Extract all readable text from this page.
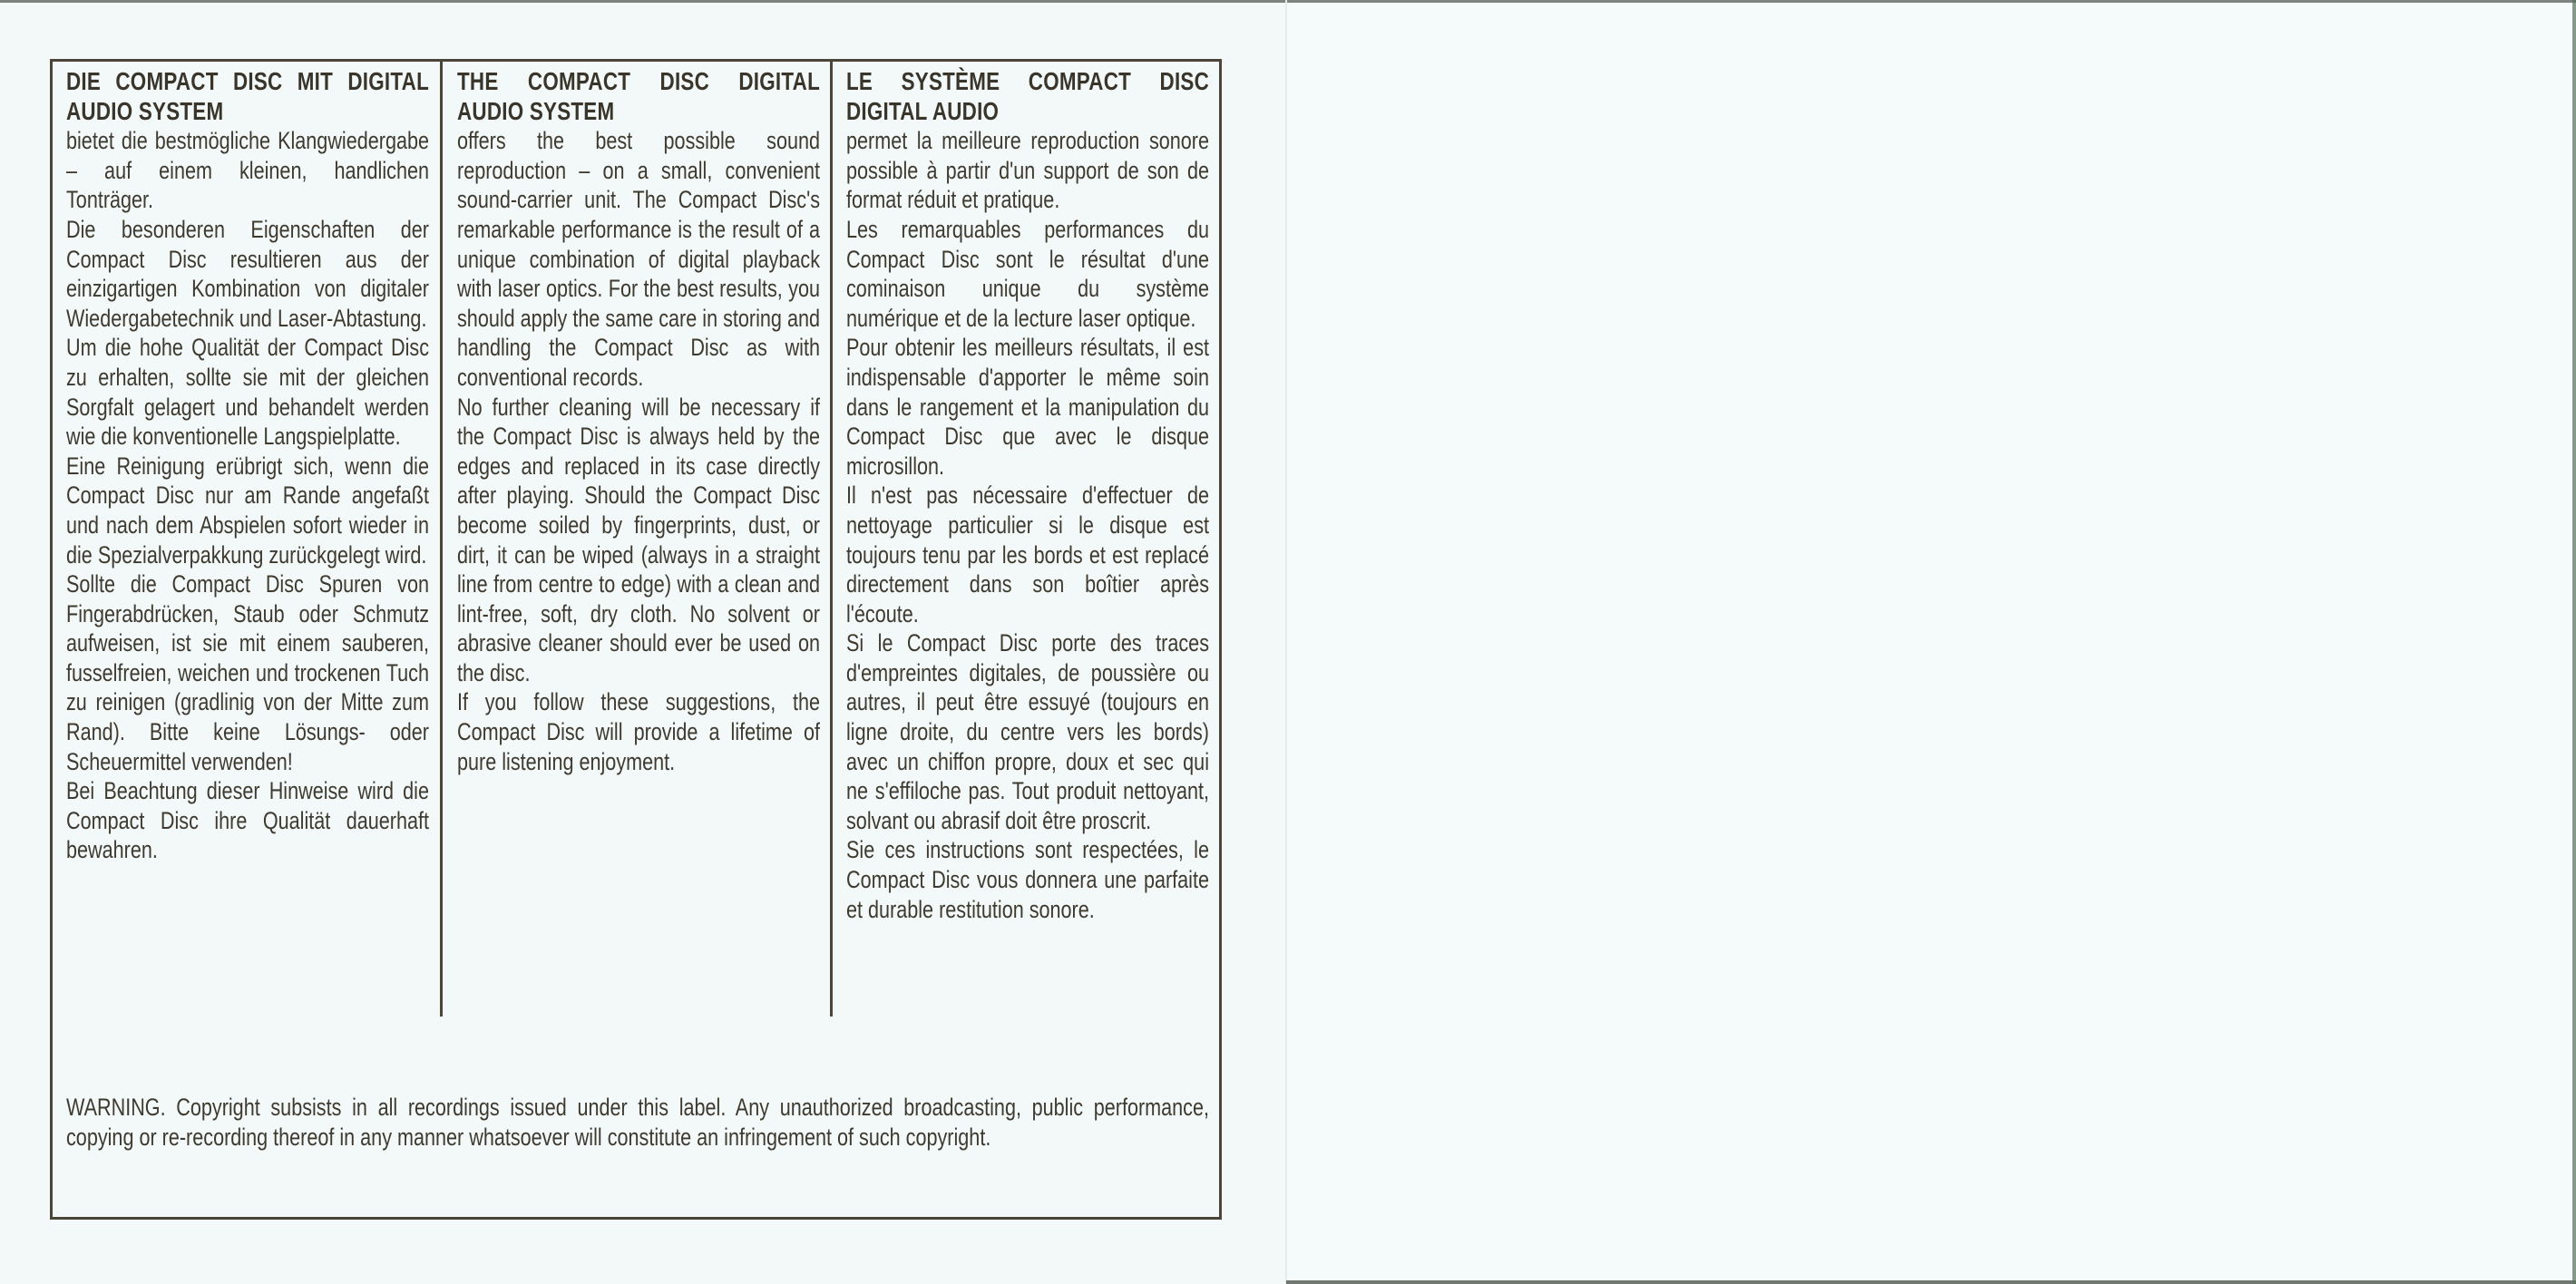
DIE COMPACT DISC MIT DIGITAL AUDIO SYSTEM

bietet die bestmögliche Klangwiedergabe – auf einem kleinen, handlichen Tonträger.

Die besonderen Eigenschaften der Compact Disc resultieren aus der einzigartigen Kombination von digitaler Wiedergabetechnik und Laser-Abtastung.

Um die hohe Qualität der Compact Disc zu erhalten, sollte sie mit der gleichen Sorgfalt gelagert und behandelt werden wie die konventionelle Langspielplatte.

Eine Reinigung erübrigt sich, wenn die Compact Disc nur am Rande angefaßt und nach dem Abspielen sofort wieder in die Spezialverpakkung zurückgelegt wird.

Sollte die Compact Disc Spuren von Fingerabdrücken, Staub oder Schmutz aufweisen, ist sie mit einem sauberen, fusselfreien, weichen und trockenen Tuch zu reinigen (gradlinig von der Mitte zum Rand). Bitte keine Lösungs- oder Scheuermittel verwenden!

Bei Beachtung dieser Hinweise wird die Compact Disc ihre Qualität dauerhaft bewahren.

THE COMPACT DISC DIGITAL AUDIO SYSTEM

offers the best possible sound reproduction – on a small, convenient sound-carrier unit. The Compact Disc's remarkable performance is the result of a unique combination of digital playback with laser optics. For the best results, you should apply the same care in storing and handling the Compact Disc as with conventional records.

No further cleaning will be necessary if the Compact Disc is always held by the edges and replaced in its case directly after playing. Should the Compact Disc become soiled by fingerprints, dust, or dirt, it can be wiped (always in a straight line from centre to edge) with a clean and lint-free, soft, dry cloth. No solvent or abrasive cleaner should ever be used on the disc.

If you follow these suggestions, the Compact Disc will provide a lifetime of pure listening enjoyment.

LE SYSTÈME COMPACT DISC DIGITAL AUDIO

permet la meilleure reproduction sonore possible à partir d'un support de son de format réduit et pratique.

Les remarquables performances du Compact Disc sont le résultat d'une cominaison unique du système numérique et de la lecture laser optique.

Pour obtenir les meilleurs résultats, il est indispensable d'apporter le même soin dans le rangement et la manipulation du Compact Disc que avec le disque microsillon.

Il n'est pas nécessaire d'effectuer de nettoyage particulier si le disque est toujours tenu par les bords et est replacé directement dans son boîtier après l'écoute.

Si le Compact Disc porte des traces d'empreintes digitales, de poussière ou autres, il peut être essuyé (toujours en ligne droite, du centre vers les bords) avec un chiffon propre, doux et sec qui ne s'effiloche pas. Tout produit nettoyant, solvant ou abrasif doit être proscrit.

Sie ces instructions sont respectées, le Compact Disc vous donnera une parfaite et durable restitution sonore.

WARNING. Copyright subsists in all recordings issued under this label. Any unauthorized broadcasting, public performance, copying or re-recording thereof in any manner whatsoever will constitute an infringement of such copyright.
